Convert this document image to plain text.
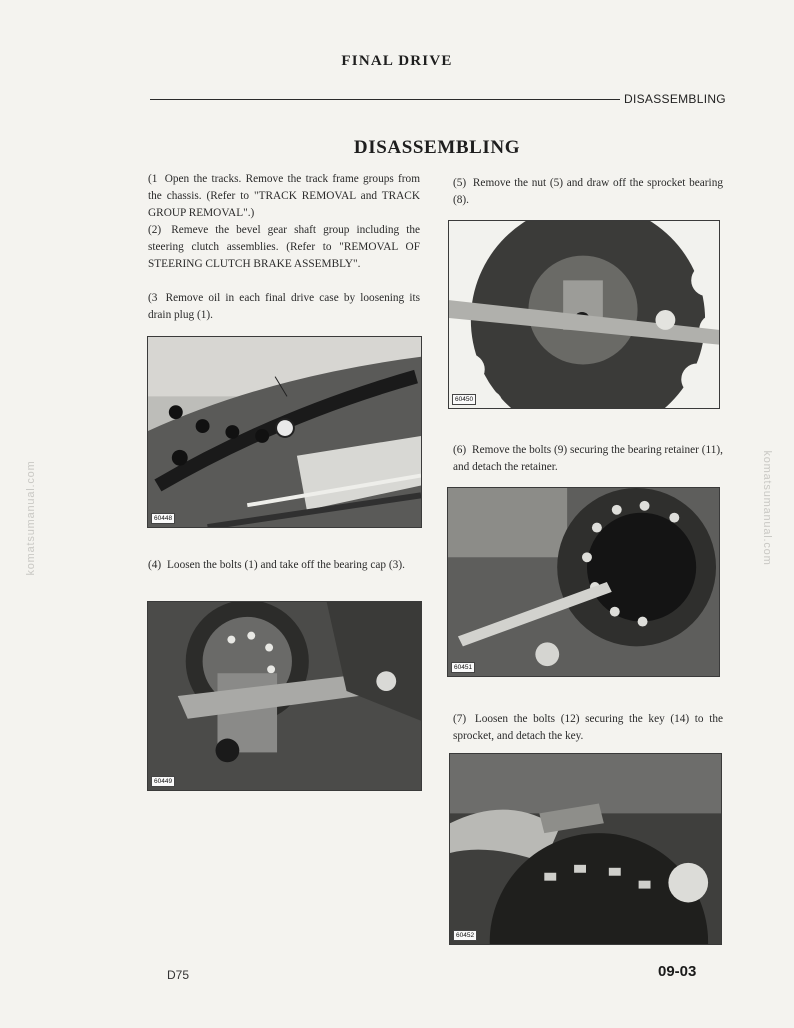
FINAL DRIVE
DISASSEMBLING
DISASSEMBLING
(1 Open the tracks. Remove the track frame groups from the chassis. (Refer to "TRACK REMOVAL and TRACK GROUP REMOVAL".)
(2) Remeve the bevel gear shaft group including the steering clutch assemblies. (Refer to "REMOVAL OF STEERING CLUTCH BRAKE ASSEMBLY".
(3 Remove oil in each final drive case by loosening its drain plug (1).
60448
(4) Loosen the bolts (1) and take off the bearing cap (3).
60449
(5) Remove the nut (5) and draw off the sprocket bearing (8).
60450
(6) Remove the bolts (9) securing the bearing retainer (11), and detach the retainer.
60451
(7) Loosen the bolts (12) securing the key (14) to the sprocket, and detach the key.
60452
komatsumanual.com	komatsumanual.com
D75	09-03
